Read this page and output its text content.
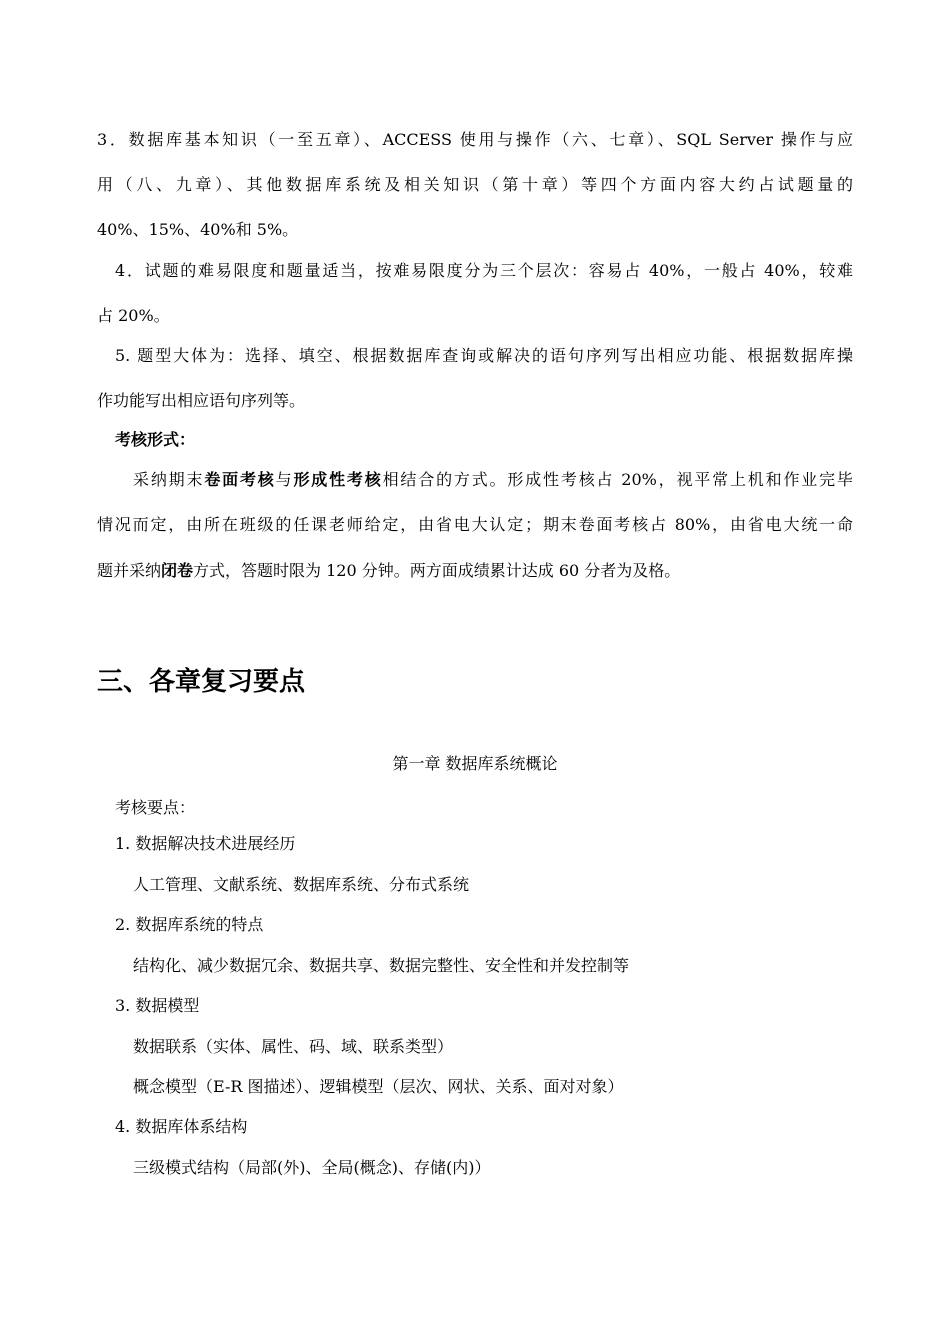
3．数据库基本知识（一至五章）、ACCESS 使用与操作（六、七章）、SQL Server 操作与应
用（八、九章）、其他数据库系统及相关知识（第十章）等四个方面内容大约占试题量的
40%、15%、40%和 5%。
4．试题的难易限度和题量适当，按难易限度分为三个层次：容易占 40%，一般占 40%，较难
占 20%。
5. 题型大体为：选择、填空、根据数据库查询或解决的语句序列写出相应功能、根据数据库操
作功能写出相应语句序列等。
考核形式：
采纳期末卷面考核与形成性考核相结合的方式。形成性考核占 20%，视平常上机和作业完毕
情况而定，由所在班级的任课老师给定，由省电大认定；期末卷面考核占 80%，由省电大统一命
题并采纳闭卷方式，答题时限为 120 分钟。两方面成绩累计达成 60 分者为及格。
三、各章复习要点
第一章 数据库系统概论
考核要点：
1. 数据解决技术进展经历
人工管理、文献系统、数据库系统、分布式系统
2. 数据库系统的特点
结构化、减少数据冗余、数据共享、数据完整性、安全性和并发控制等
3. 数据模型
数据联系（实体、属性、码、域、联系类型）
概念模型（E-R 图描述）、逻辑模型（层次、网状、关系、面对对象）
4. 数据库体系结构
三级模式结构（局部(外)、全局(概念)、存储(内)）
